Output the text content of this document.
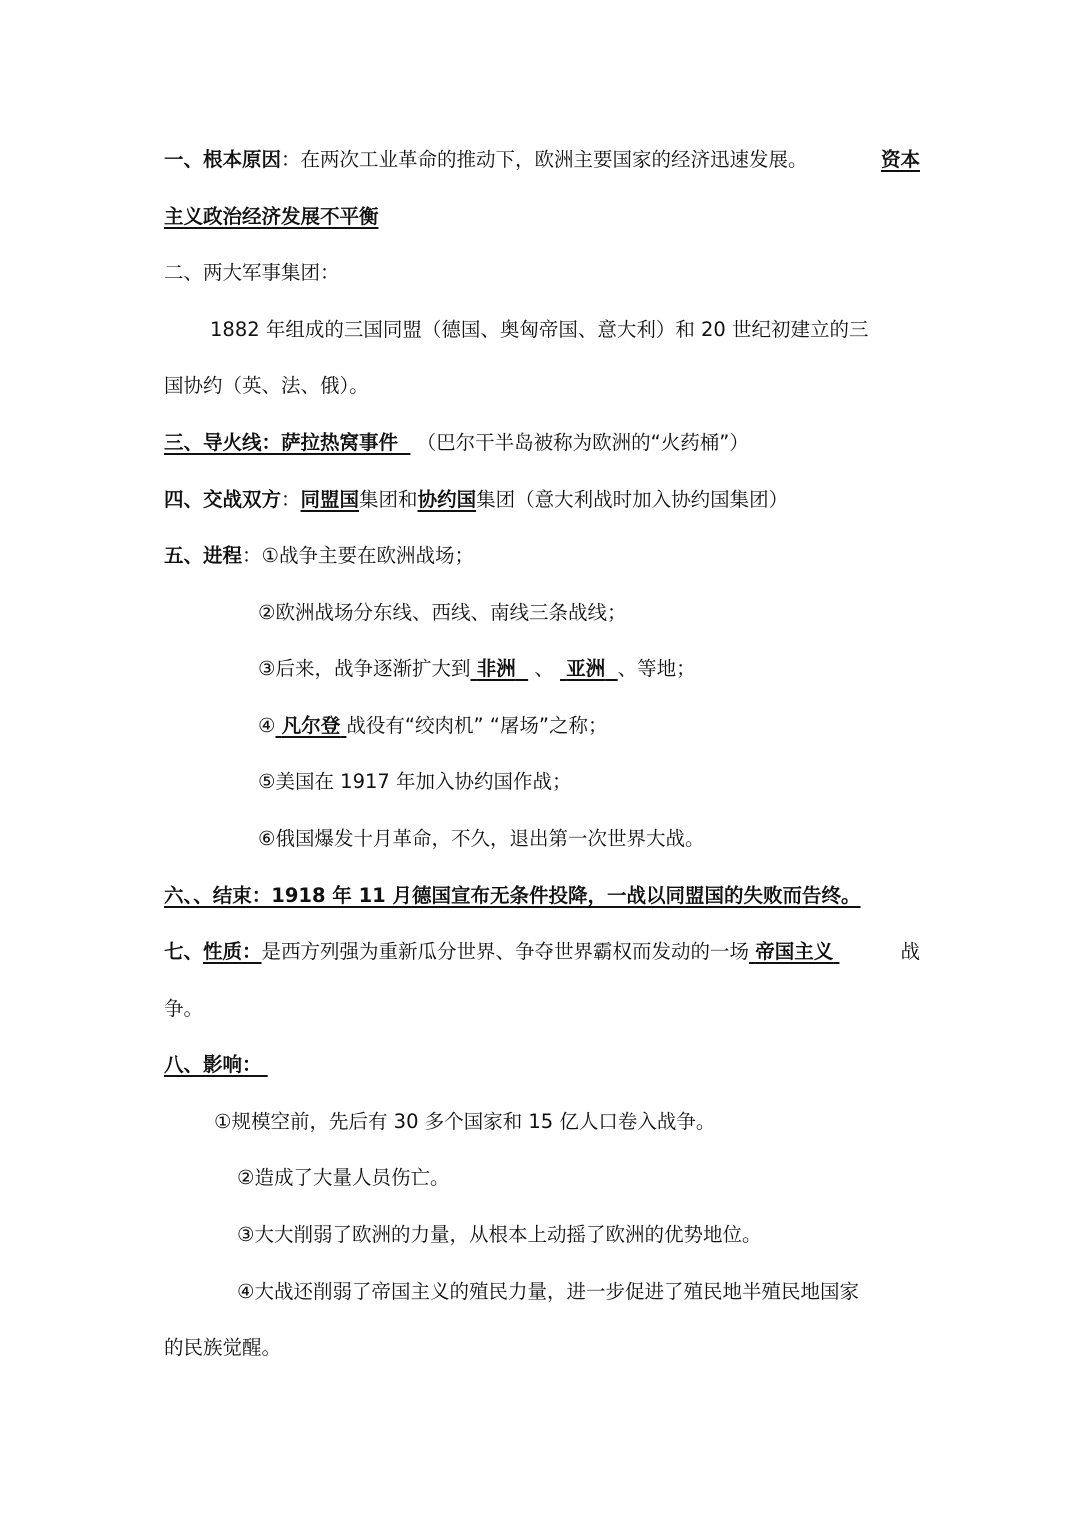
一、根本原因：在两次工业革命的推动下，欧洲主要国家的经济迅速发展。	资本
主义政治经济发展不平衡
二、两大军事集团：
1882 年组成的三国同盟（德国、奥匈帝国、意大利）和 20 世纪初建立的三
国协约（英、法、俄）。
三、导火线：萨拉热窝事件 （巴尔干半岛被称为欧洲的“火药桶”）
四、交战双方：同盟国集团和协约国集团（意大利战时加入协约国集团）
五、进程：①战争主要在欧洲战场；
②欧洲战场分东线、西线、南线三条战线；
③后来，战争逐渐扩大到 非洲 、 亚洲 、等地；
④ 凡尔登 战役有“绞肉机” “屠场”之称；
⑤美国在 1917 年加入协约国作战；
⑥俄国爆发十月革命，不久，退出第一次世界大战。
六、、结束：1918 年 11 月德国宣布无条件投降，一战以同盟国的失败而告终。
七、性质：是西方列强为重新瓜分世界、争夺世界霸权而发动的一场 帝国主义	战
争。
八、影响：
①规模空前，先后有 30 多个国家和 15 亿人口卷入战争。
②造成了大量人员伤亡。
③大大削弱了欧洲的力量，从根本上动摇了欧洲的优势地位。
④大战还削弱了帝国主义的殖民力量，进一步促进了殖民地半殖民地国家
的民族觉醒。
